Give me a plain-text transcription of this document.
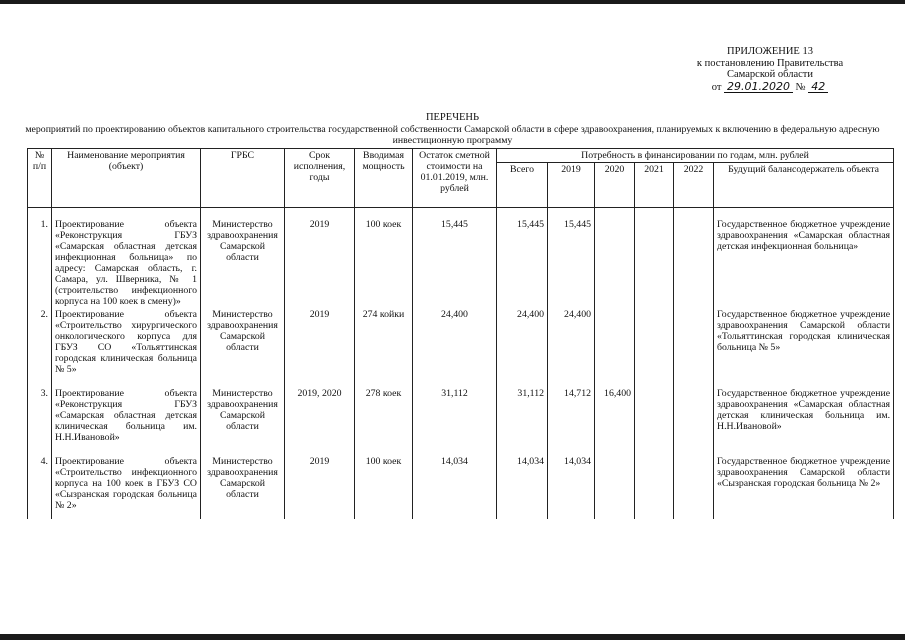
ПРИЛОЖЕНИЕ 13
к постановлению Правительства
Самарской области
от 29.01.2020 № 42
ПЕРЕЧЕНЬ
мероприятий по проектированию объектов капитального строительства государственной собственности Самарской области в сфере здравоохранения, планируемых к включению в федеральную адресную инвестиционную программу
№ п/п	Наименование мероприятия (объект)	ГРБС	Срок исполнения, годы	Вводимая мощность	Остаток сметной стоимости на 01.01.2019, млн. рублей	Потребность в финансировании по годам, млн. рублей					
						Всего	2019	2020	2021	2022	Будущий балансодержатель объекта

1.	Проектирование объекта «Реконструкция ГБУЗ «Самарская областная детская инфекционная больница» по адресу: Самарская область, г. Самара, ул. Шверника, № 1 (строительство инфекционного корпуса на 100 коек в смену)»	Министерство здравоохранения Самарской области	2019	100 коек	15,445	15,445	15,445				Государственное бюджетное учреждение здравоохранения «Самарская областная детская инфекционная больница»
2.	Проектирование объекта «Строительство хирургического онкологического корпуса для ГБУЗ СО «Тольяттинская городская клиническая больница № 5»	Министерство здравоохранения Самарской области	2019	274 койки	24,400	24,400	24,400				Государственное бюджетное учреждение здравоохранения Самарской области «Тольяттинская городская клиническая больница № 5»
3.	Проектирование объекта «Реконструкция ГБУЗ «Самарская областная детская клиническая больница им. Н.Н.Ивановой»	Министерство здравоохранения Самарской области	2019, 2020	278 коек	31,112	31,112	14,712	16,400			Государственное бюджетное учреждение здравоохранения «Самарская областная детская клиническая больница им. Н.Н.Ивановой»
4.	Проектирование объекта «Строительство инфекционного корпуса на 100 коек в ГБУЗ СО «Сызранская городская больница № 2»	Министерство здравоохранения Самарской области	2019	100 коек	14,034	14,034	14,034				Государственное бюджетное учреждение здравоохранения Самарской области «Сызранская городская больница № 2»
